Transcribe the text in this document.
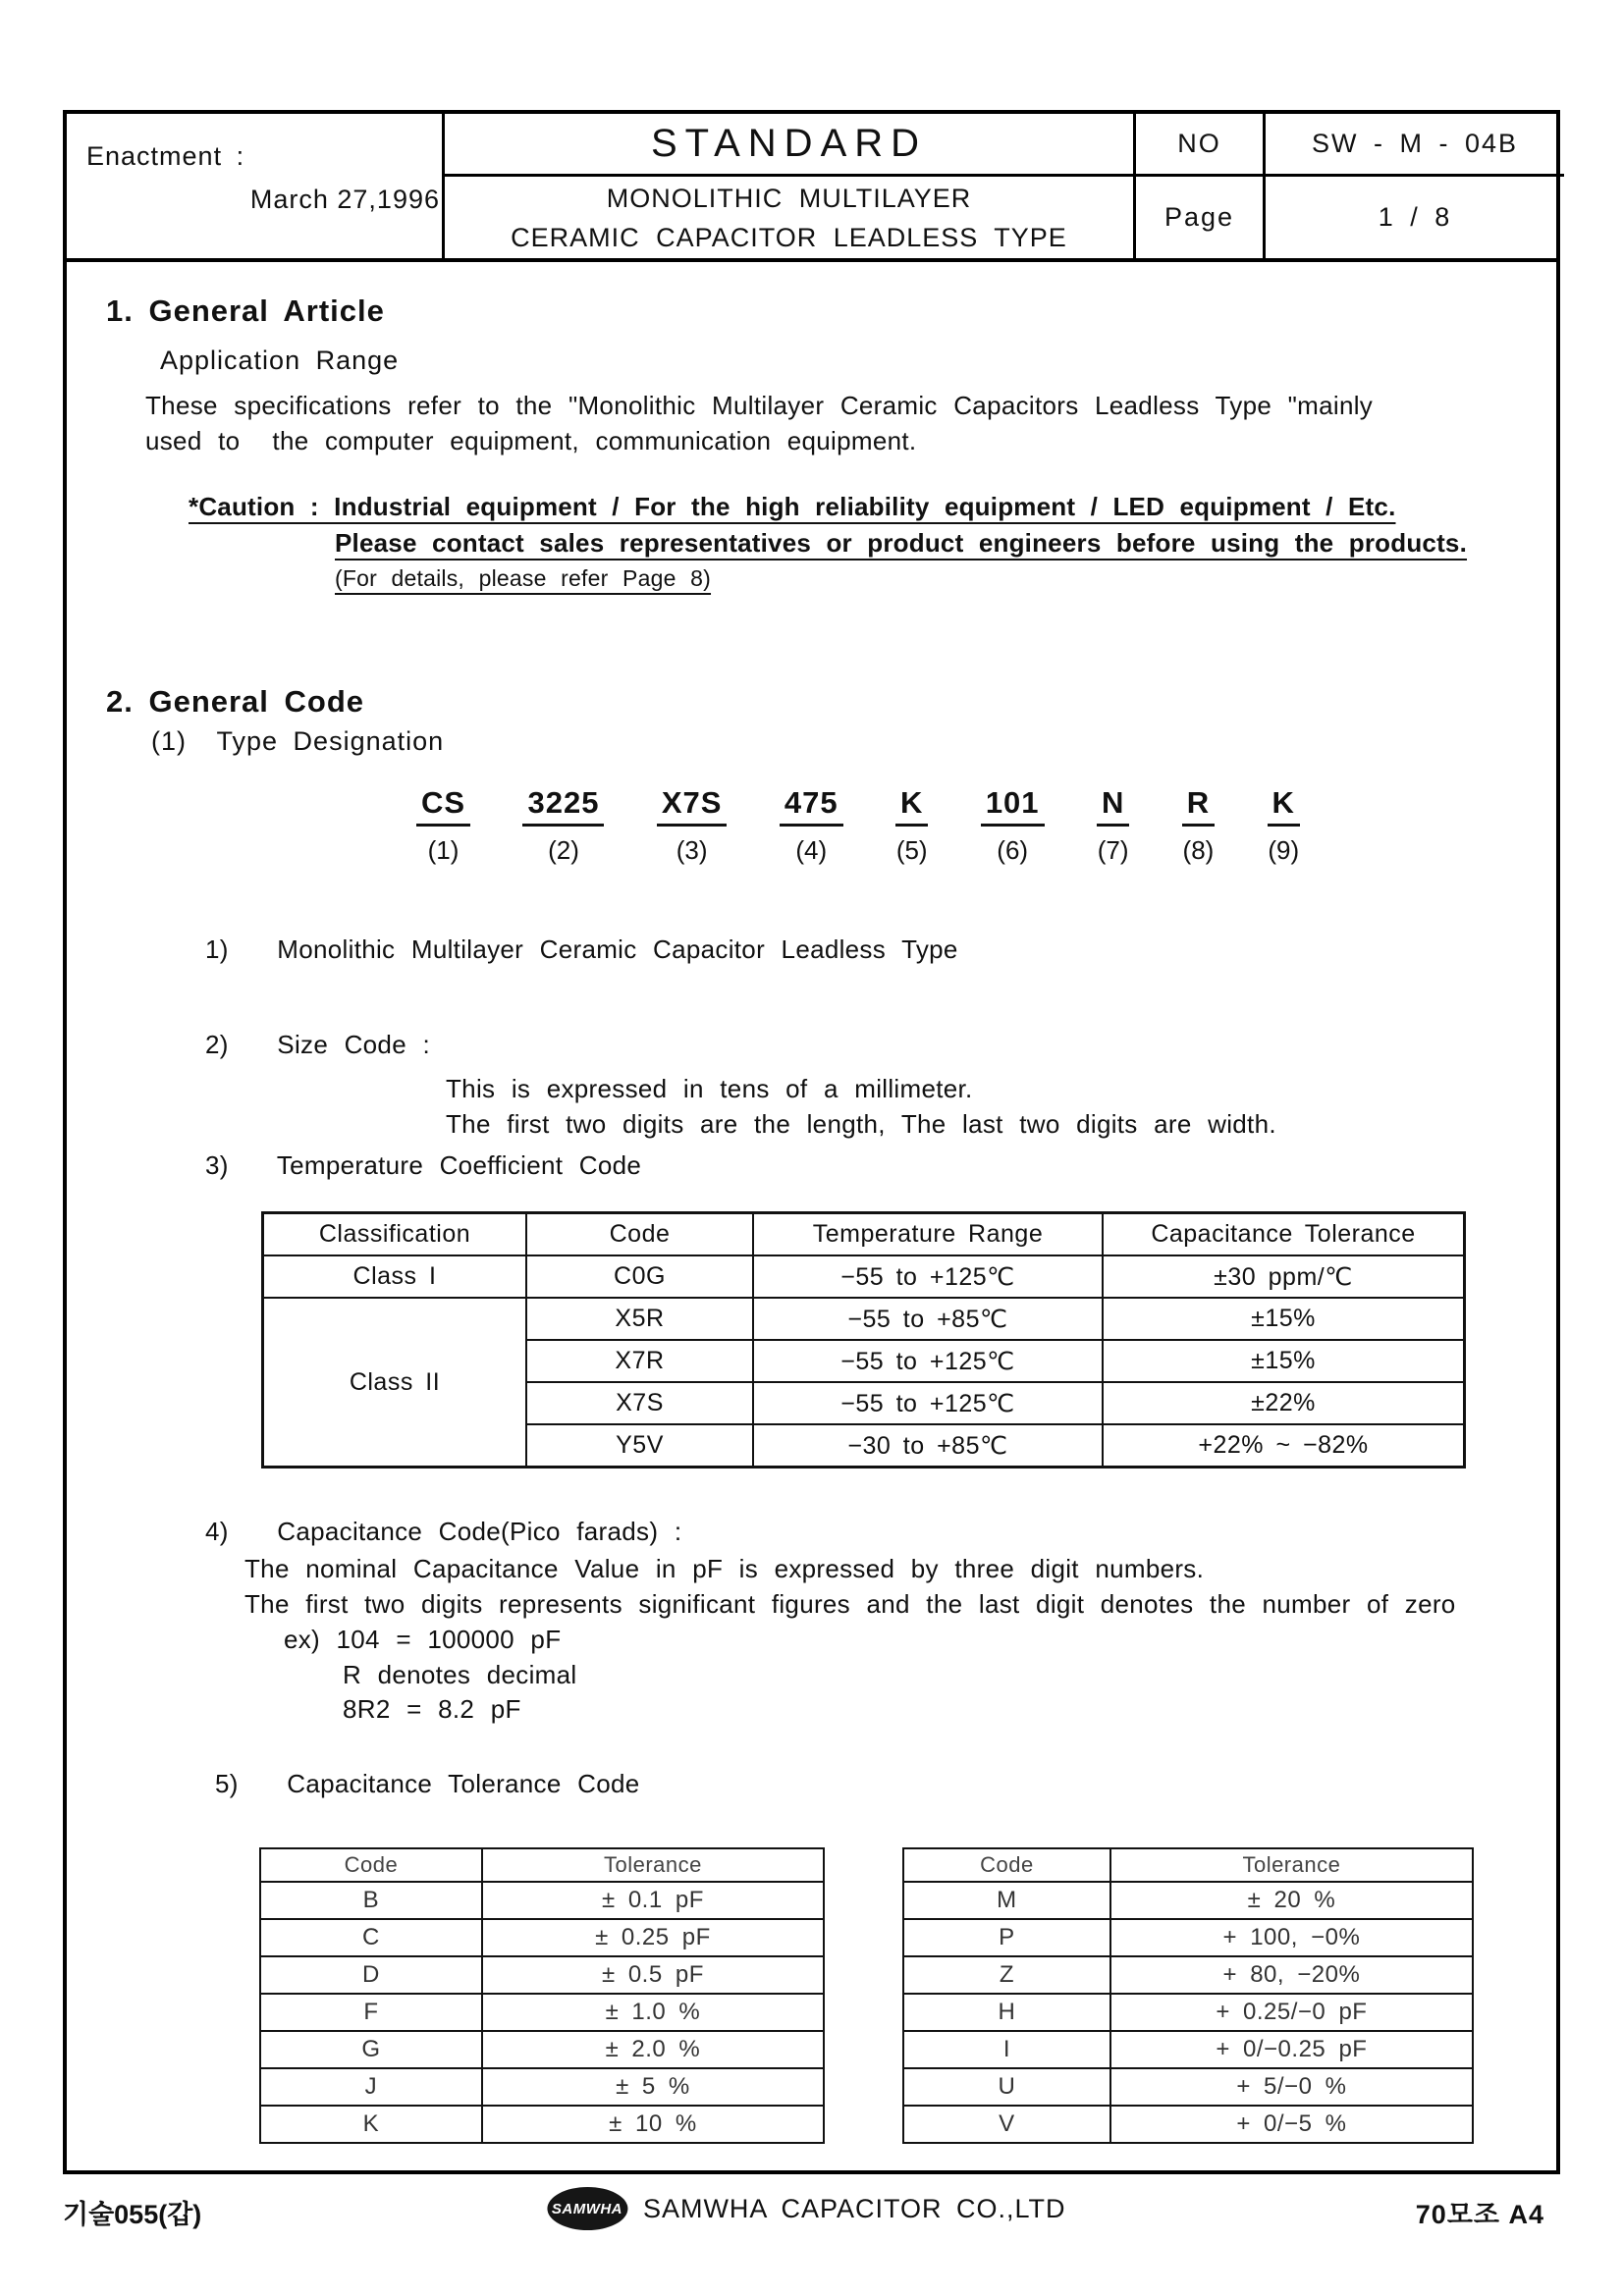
Enactment :
March 27,1996
STANDARD
MONOLITHIC MULTILAYER
CERAMIC CAPACITOR LEADLESS TYPE
NO
Page
SW - M - 04B
1 / 8
1. General Article
Application Range
These specifications refer to the "Monolithic Multilayer Ceramic Capacitors Leadless Type "mainly
used to  the computer equipment, communication equipment.
*Caution : Industrial equipment / For the high reliability equipment / LED equipment / Etc.
Please contact sales representatives or product engineers before using the products.
(For details, please refer Page 8)
2. General Code
(1)  Type Designation
CS
(1)
3225
(2)
X7S
(3)
475
(4)
K
(5)
101
(6)
N
(7)
R
(8)
K
(9)
1) Monolithic Multilayer Ceramic Capacitor Leadless Type
2) Size Code :
This is expressed in tens of a millimeter.
The first two digits are the length, The last two digits are width.
3) Temperature Coefficient Code
Classification	Code	Temperature Range	Capacitance Tolerance
Class I	C0G	−55 to +125℃	±30 ppm/℃
Class II	X5R	−55 to +85℃	±15%
	X7R	−55 to +125℃	±15%
	X7S	−55 to +125℃	±22%
	Y5V	−30 to +85℃	+22% ~ −82%
4) Capacitance Code(Pico farads) :
The nominal Capacitance Value in pF is expressed by three digit numbers.
The first two digits represents significant figures and the last digit denotes the number of zero
ex) 104 = 100000 pF
R denotes decimal
8R2 = 8.2 pF
5) Capacitance Tolerance Code
Code	Tolerance
B	± 0.1 pF
C	± 0.25 pF
D	± 0.5 pF
F	± 1.0 %
G	± 2.0 %
J	± 5 %
K	± 10 %
Code	Tolerance
M	± 20 %
P	+ 100, −0%
Z	+ 80, −20%
H	+ 0.25/−0 pF
I	+ 0/−0.25 pF
U	+ 5/−0 %
V	+ 0/−5 %
기술055(갑)	SAMWHA SAMWHA CAPACITOR CO.,LTD	70모조 A4
